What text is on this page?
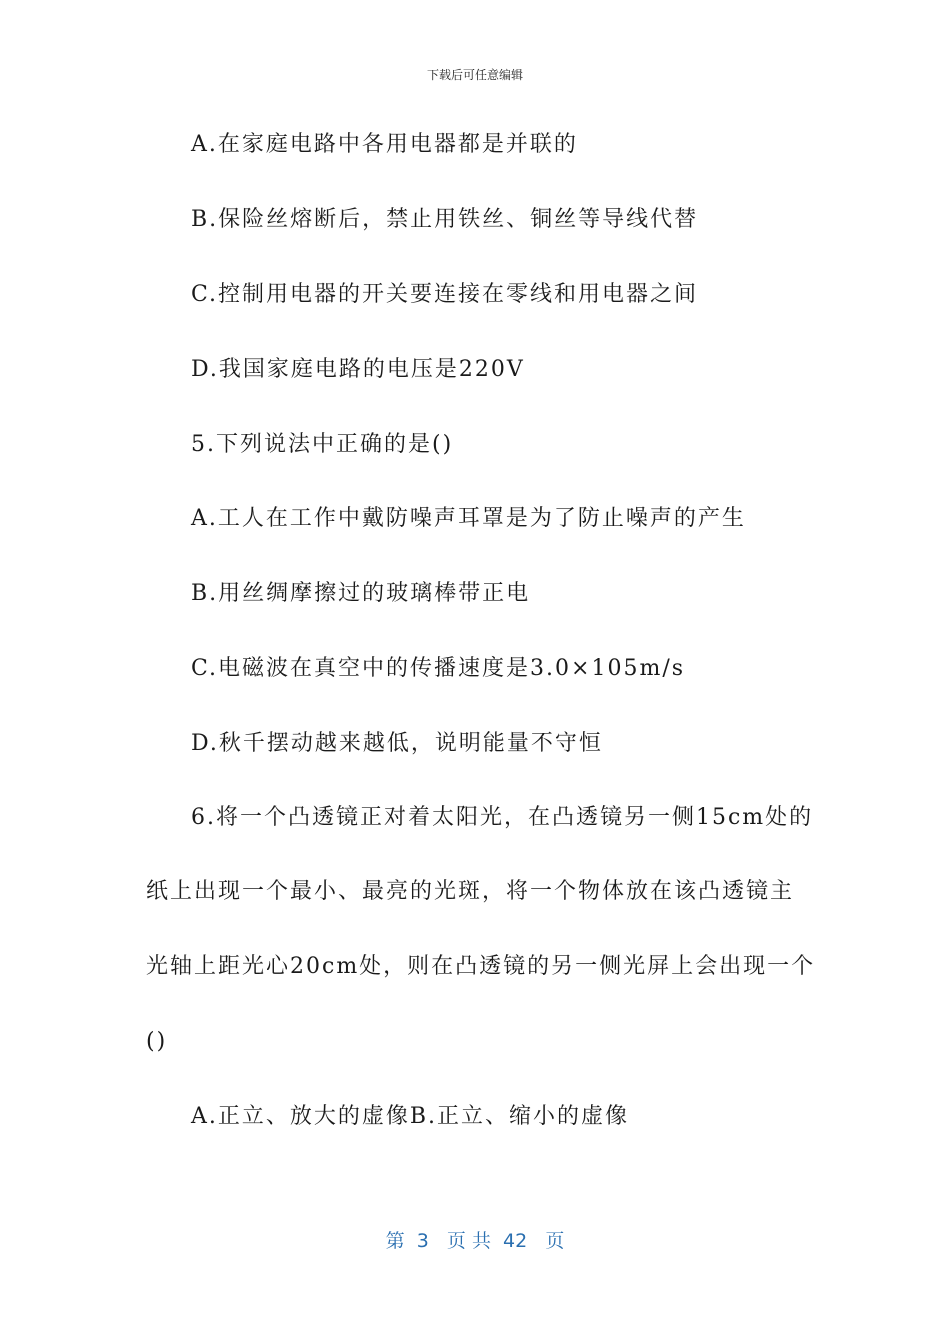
下载后可任意编辑
A.在家庭电路中各用电器都是并联的
B.保险丝熔断后，禁止用铁丝、铜丝等导线代替
C.控制用电器的开关要连接在零线和用电器之间
D.我国家庭电路的电压是220V
5.下列说法中正确的是()
A.工人在工作中戴防噪声耳罩是为了防止噪声的产生
B.用丝绸摩擦过的玻璃棒带正电
C.电磁波在真空中的传播速度是3.0×105m/s
D.秋千摆动越来越低，说明能量不守恒
6.将一个凸透镜正对着太阳光，在凸透镜另一侧15cm处的
纸上出现一个最小、最亮的光斑，将一个物体放在该凸透镜主
光轴上距光心20cm处，则在凸透镜的另一侧光屏上会出现一个
()
A.正立、放大的虚像B.正立、缩小的虚像
第  3   页 共  42   页
